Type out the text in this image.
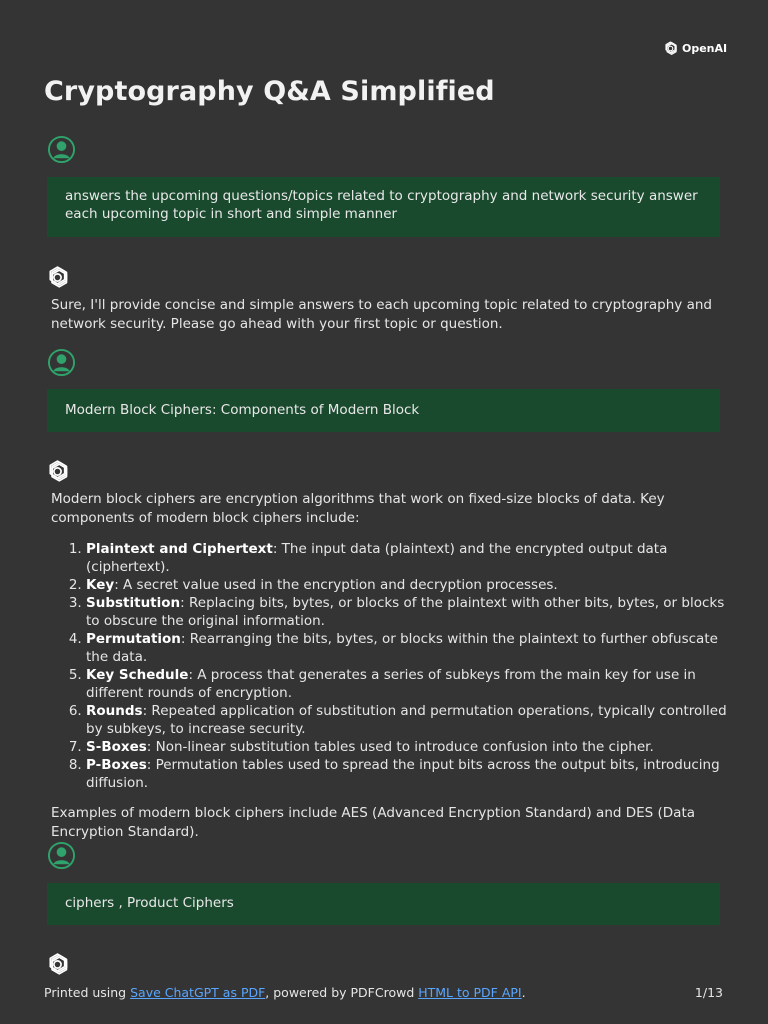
OpenAI
Cryptography Q&A Simplified
answers the upcoming questions/topics related to cryptography and network security answer each upcoming topic in short and simple manner

Sure, I'll provide concise and simple answers to each upcoming topic related to cryptography and network security. Please go ahead with your first topic or question.

Modern Block Ciphers: Components of Modern Block

Modern block ciphers are encryption algorithms that work on fixed-size blocks of data. Key components of modern block ciphers include:

1. Plaintext and Ciphertext: The input data (plaintext) and the encrypted output data (ciphertext).
2. Key: A secret value used in the encryption and decryption processes.
3. Substitution: Replacing bits, bytes, or blocks of the plaintext with other bits, bytes, or blocks to obscure the original information.
4. Permutation: Rearranging the bits, bytes, or blocks within the plaintext to further obfuscate the data.
5. Key Schedule: A process that generates a series of subkeys from the main key for use in different rounds of encryption.
6. Rounds: Repeated application of substitution and permutation operations, typically controlled by subkeys, to increase security.
7. S-Boxes: Non-linear substitution tables used to introduce confusion into the cipher.
8. P-Boxes: Permutation tables used to spread the input bits across the output bits, introducing diffusion.

Examples of modern block ciphers include AES (Advanced Encryption Standard) and DES (Data Encryption Standard).

ciphers , Product Ciphers
Printed using Save ChatGPT as PDF, powered by PDFCrowd HTML to PDF API.	1/13
